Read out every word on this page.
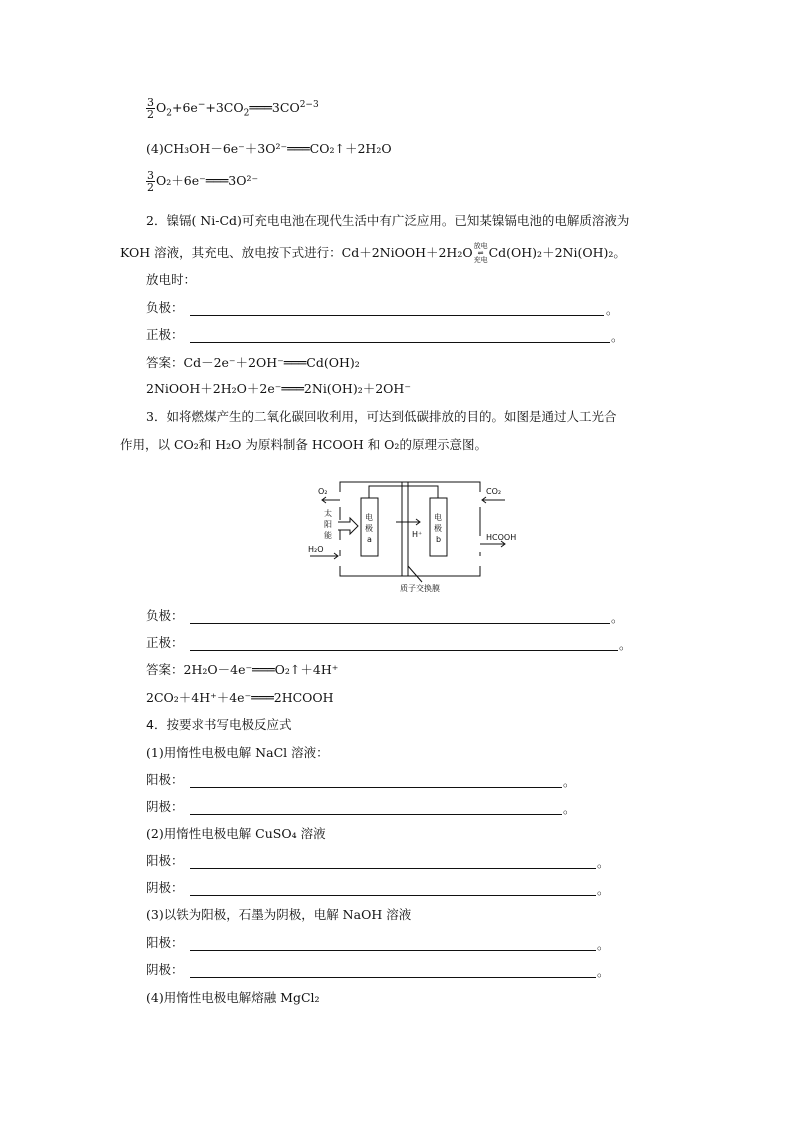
$\frac{3}{2}$ $O_2+6e^-+3CO_2═══3CO^{2-3}$
(4)CH₃OH－6e⁻＋3O²⁻═══CO₂↑＋2H₂O
$\frac{3}{2}$ O₂＋6e⁻═══3O²⁻
2．镍镉( Ni-Cd)可充电电池在现代生活中有广泛应用。已知某镍镉电池的电解质溶液为
KOH 溶液，其充电、放电按下式进行：Cd＋2NiOOH＋2H₂O 放电
⇌
充电 Cd(OH)₂＋2Ni(OH)₂。
放电时：
负极：	。
正极：	。
答案：Cd－2e⁻＋2OH⁻═══Cd(OH)₂
2NiOOH＋2H₂O＋2e⁻═══2Ni(OH)₂＋2OH⁻
3．如将燃煤产生的二氧化碳回收利用，可达到低碳排放的目的。如图是通过人工光合
作用，以 CO₂和 H₂O 为原料制备 HCOOH 和 O₂的原理示意图。
O₂	CO₂
太
阳
能
H₂O
电
极
a
电
极
b
H⁺	HCOOH
质子交换膜
负极：	。
正极：	。
答案：2H₂O－4e⁻═══O₂↑＋4H⁺
2CO₂＋4H⁺＋4e⁻═══2HCOOH
4．按要求书写电极反应式
(1)用惰性电极电解 NaCl 溶液：
阳极：	。
阴极：	。
(2)用惰性电极电解 CuSO₄ 溶液
阳极：	。
阴极：	。
(3)以铁为阳极，石墨为阴极，电解 NaOH 溶液
阳极：	。
阴极：	。
(4)用惰性电极电解熔融 MgCl₂
